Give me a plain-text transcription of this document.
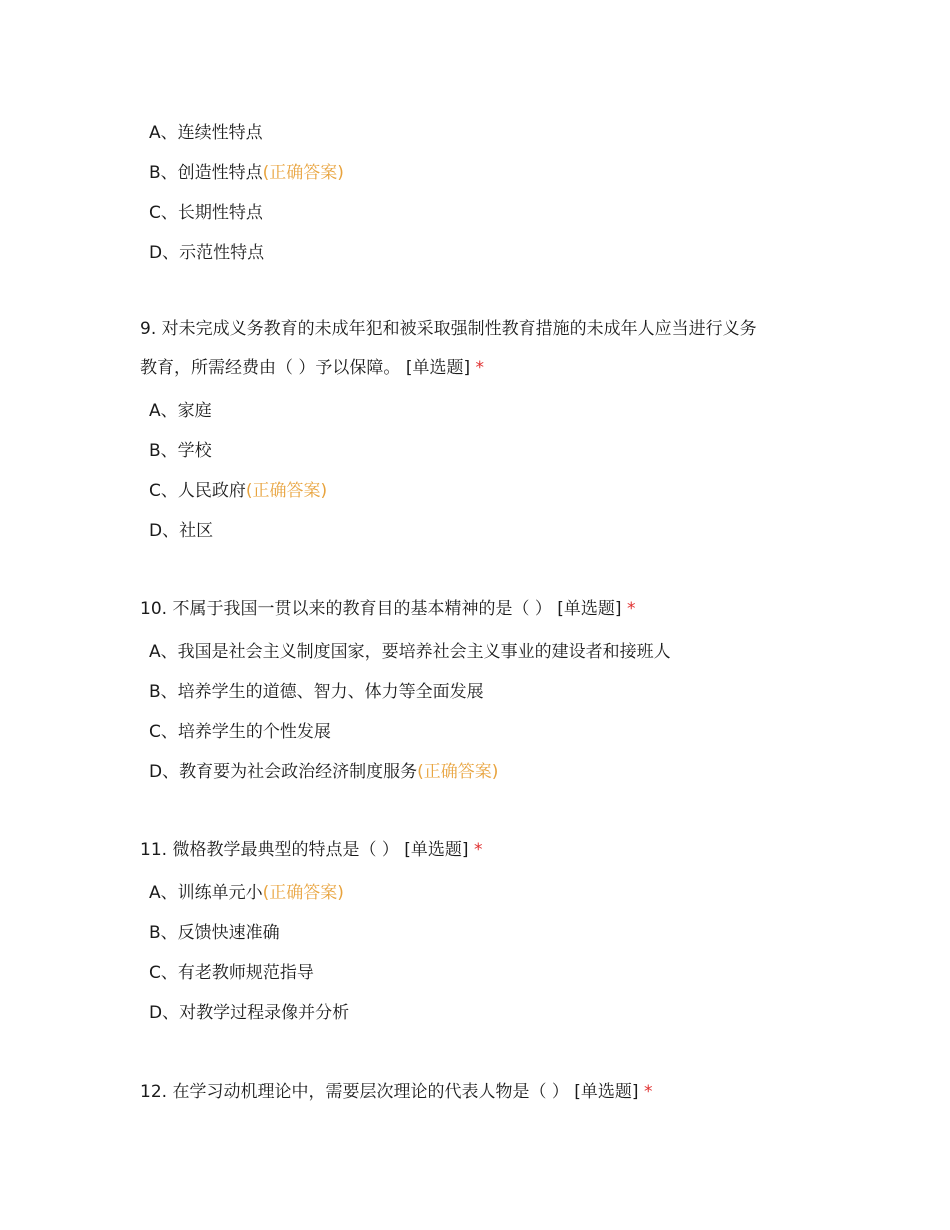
A、连续性特点
B、创造性特点(正确答案)
C、长期性特点
D、示范性特点

9. 对未完成义务教育的未成年犯和被采取强制性教育措施的未成年人应当进行义务
教育，所需经费由（ ）予以保障。 [单选题] *

A、家庭
B、学校
C、人民政府(正确答案)
D、社区

10. 不属于我国一贯以来的教育目的基本精神的是（ ） [单选题] *

A、我国是社会主义制度国家，要培养社会主义事业的建设者和接班人
B、培养学生的道德、智力、体力等全面发展
C、培养学生的个性发展
D、教育要为社会政治经济制度服务(正确答案)

11. 微格教学最典型的特点是（ ） [单选题] *

A、训练单元小(正确答案)
B、反馈快速准确
C、有老教师规范指导
D、对教学过程录像并分析

12. 在学习动机理论中，需要层次理论的代表人物是（ ） [单选题] *
